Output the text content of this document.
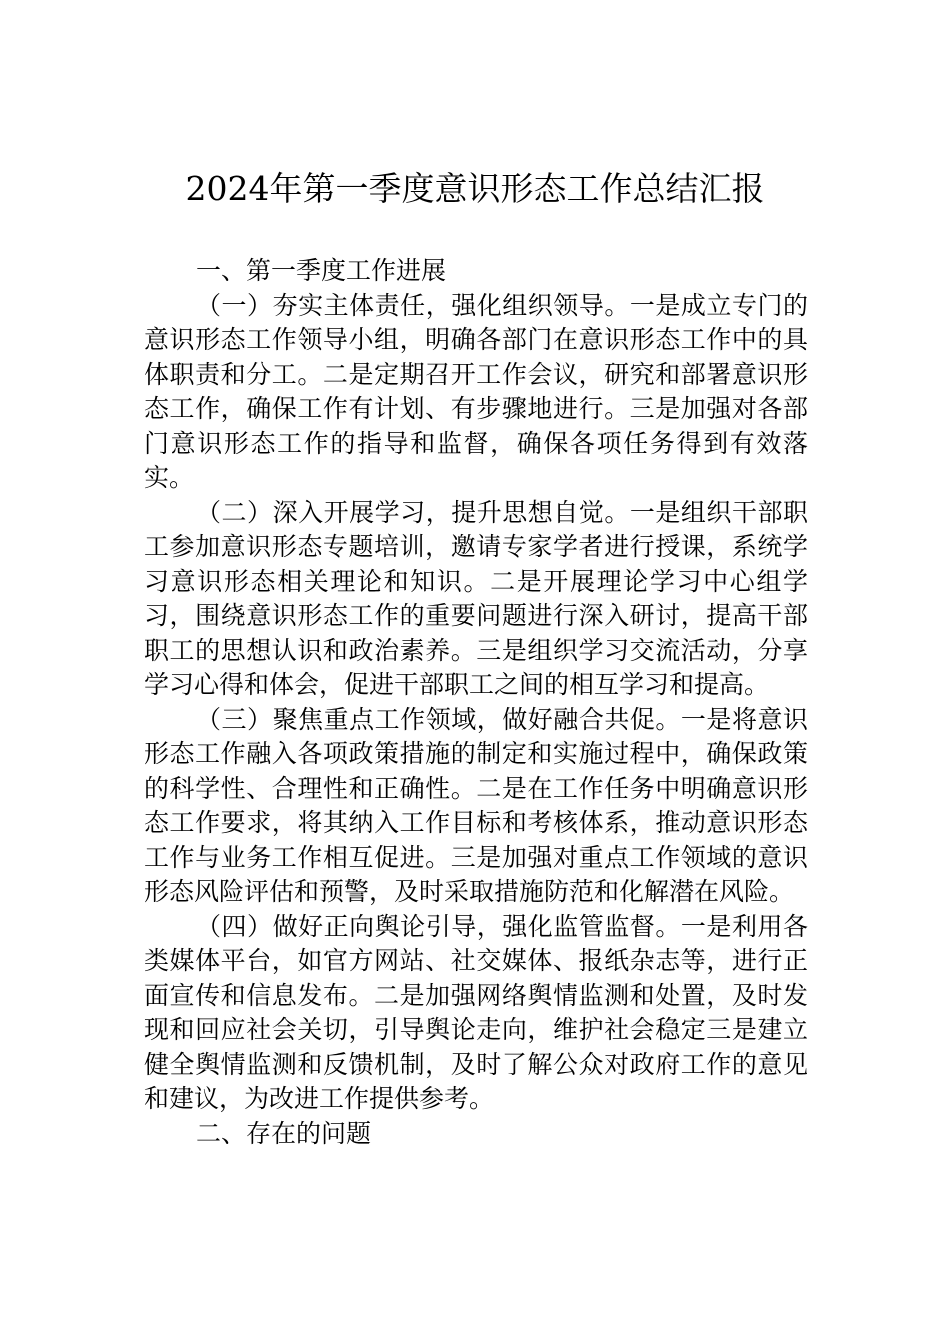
2024年第一季度意识形态工作总结汇报

一、第一季度工作进展

（一）夯实主体责任，强化组织领导。一是成立专门的意识形态工作领导小组，明确各部门在意识形态工作中的具体职责和分工。二是定期召开工作会议，研究和部署意识形态工作，确保工作有计划、有步骤地进行。三是加强对各部门意识形态工作的指导和监督，确保各项任务得到有效落实。

（二）深入开展学习，提升思想自觉。一是组织干部职工参加意识形态专题培训，邀请专家学者进行授课，系统学习意识形态相关理论和知识。二是开展理论学习中心组学习，围绕意识形态工作的重要问题进行深入研讨，提高干部职工的思想认识和政治素养。三是组织学习交流活动，分享学习心得和体会，促进干部职工之间的相互学习和提高。

（三）聚焦重点工作领域，做好融合共促。一是将意识形态工作融入各项政策措施的制定和实施过程中，确保政策的科学性、合理性和正确性。二是在工作任务中明确意识形态工作要求，将其纳入工作目标和考核体系，推动意识形态工作与业务工作相互促进。三是加强对重点工作领域的意识形态风险评估和预警，及时采取措施防范和化解潜在风险。

（四）做好正向舆论引导，强化监管监督。一是利用各类媒体平台，如官方网站、社交媒体、报纸杂志等，进行正面宣传和信息发布。二是加强网络舆情监测和处置，及时发现和回应社会关切，引导舆论走向，维护社会稳定三是建立健全舆情监测和反馈机制，及时了解公众对政府工作的意见和建议，为改进工作提供参考。

二、存在的问题
